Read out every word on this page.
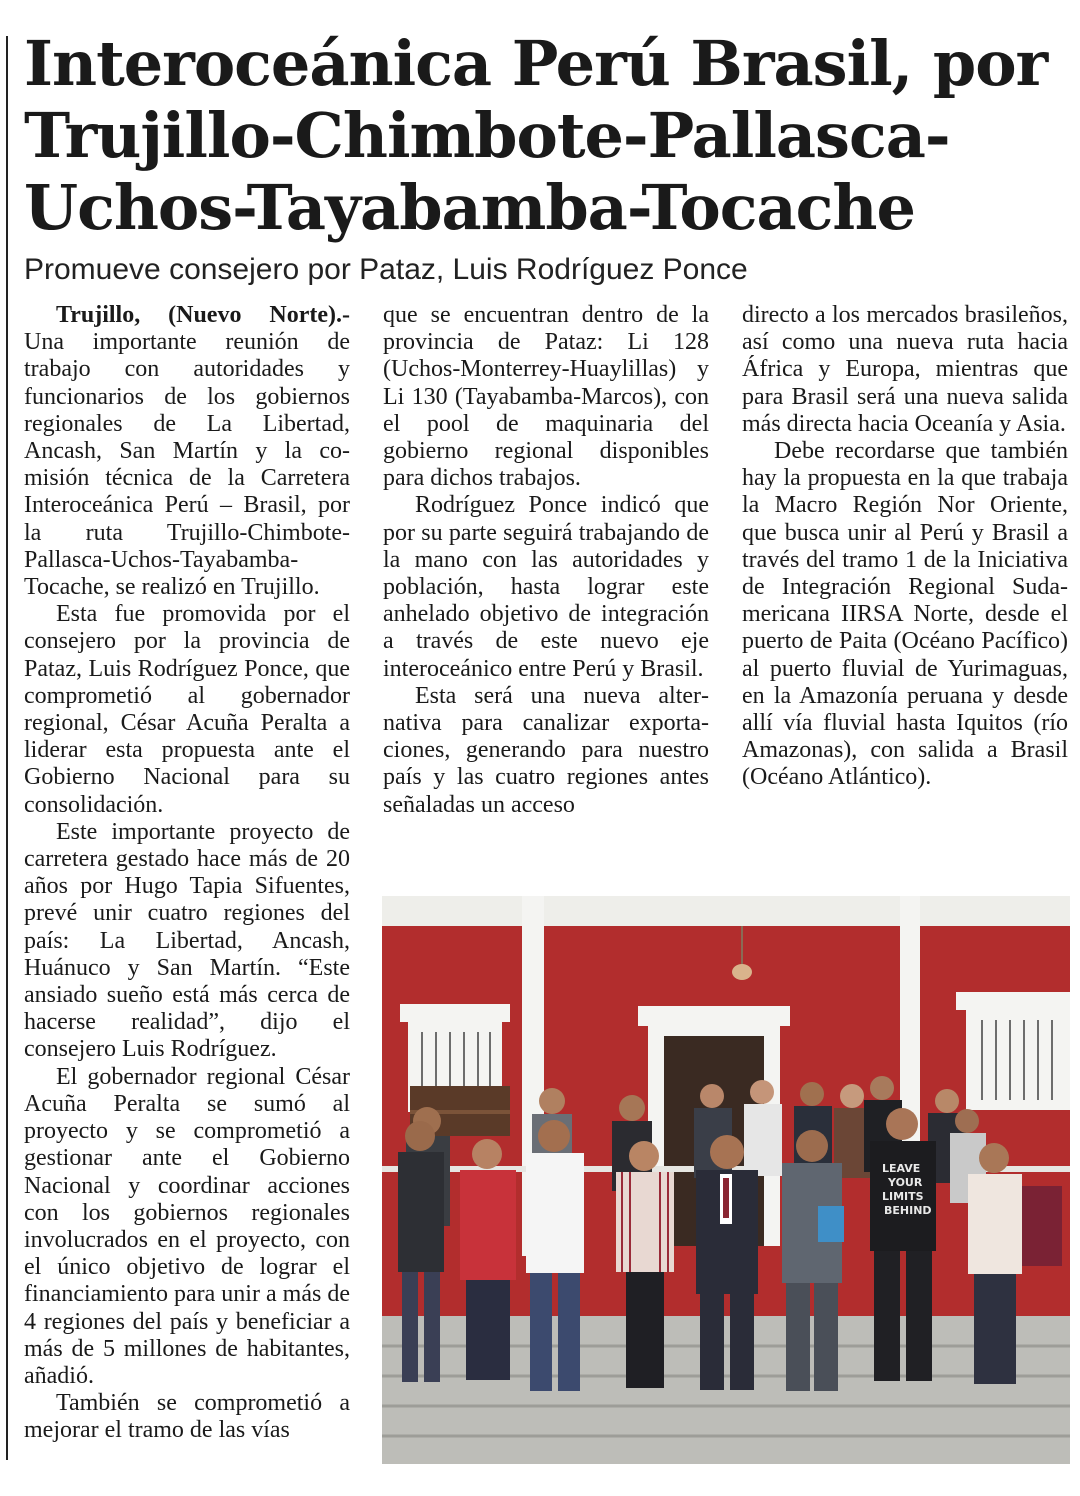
Interoceánica Perú Brasil, por Trujillo-Chimbote-Pallasca-Uchos-Tayabamba-Tocache

Promueve consejero por Pataz, Luis Rodríguez Ponce

Trujillo, (Nuevo Norte).- Una importante reunión de trabajo con autoridades y funcionarios de los gobiernos regionales de La Libertad, Ancash, San Martín y la comisión técnica de la Carretera Interoceánica Perú – Brasil, por la ruta Trujillo-Chimbote-Pallasca-Uchos-Tayabamba-Tocache, se realizó en Trujillo.

Esta fue promovida por el consejero por la provincia de Pataz, Luis Rodríguez Ponce, que comprometió al gobernador regional, César Acuña Peralta a liderar esta propuesta ante el Gobierno Nacional para su consolidación.

Este importante proyecto de carretera gestado hace más de 20 años por Hugo Tapia Sifuentes, prevé unir cuatro regiones del país: La Libertad, Ancash, Huánuco y San Martín. “Este ansiado sueño está más cerca de hacerse realidad”, dijo el consejero Luis Rodríguez.

El gobernador regional César Acuña Peralta se sumó al proyecto y se comprometió a gestionar ante el Gobierno Nacional y coordinar acciones con los gobiernos regionales involucrados en el proyecto, con el único objetivo de lograr el financiamiento para unir a más de 4 regiones del país y beneficiar a más de 5 millones de habitantes, añadió.

También se comprometió a mejorar el tramo de las vías

que se encuentran dentro de la provincia de Pataz: Li 128 (Uchos-Monterrey-Huaylillas) y Li 130 (Tayabamba-Marcos), con el pool de maquinaria del gobierno regional disponibles para dichos trabajos.

Rodríguez Ponce indicó que por su parte seguirá trabajando de la mano con las autoridades y población, hasta lograr este anhelado objetivo de integración a través de este nuevo eje interoceánico entre Perú y Brasil.

Esta será una nueva alternativa para canalizar exportaciones, generando para nuestro país y las cuatro regiones antes señaladas un acceso

directo a los mercados brasileños, así como una nueva ruta hacia África y Europa, mientras que para Brasil será una nueva salida más directa hacia Oceanía y Asia.

Debe recordarse que también hay la propuesta en la que trabaja la Macro Región Nor Oriente, que busca unir al Perú y Brasil a través del tramo 1 de la Iniciativa de Integración Regional Sudamericana IIRSA Norte, desde el puerto de Paita (Océano Pacífico) al puerto fluvial de Yurimaguas, en la Amazonía peruana y desde allí vía fluvial hasta Iquitos (río Amazonas), con salida a Brasil (Océano Atlántico).

LEAVE
YOUR
LIMITS
BEHIND
